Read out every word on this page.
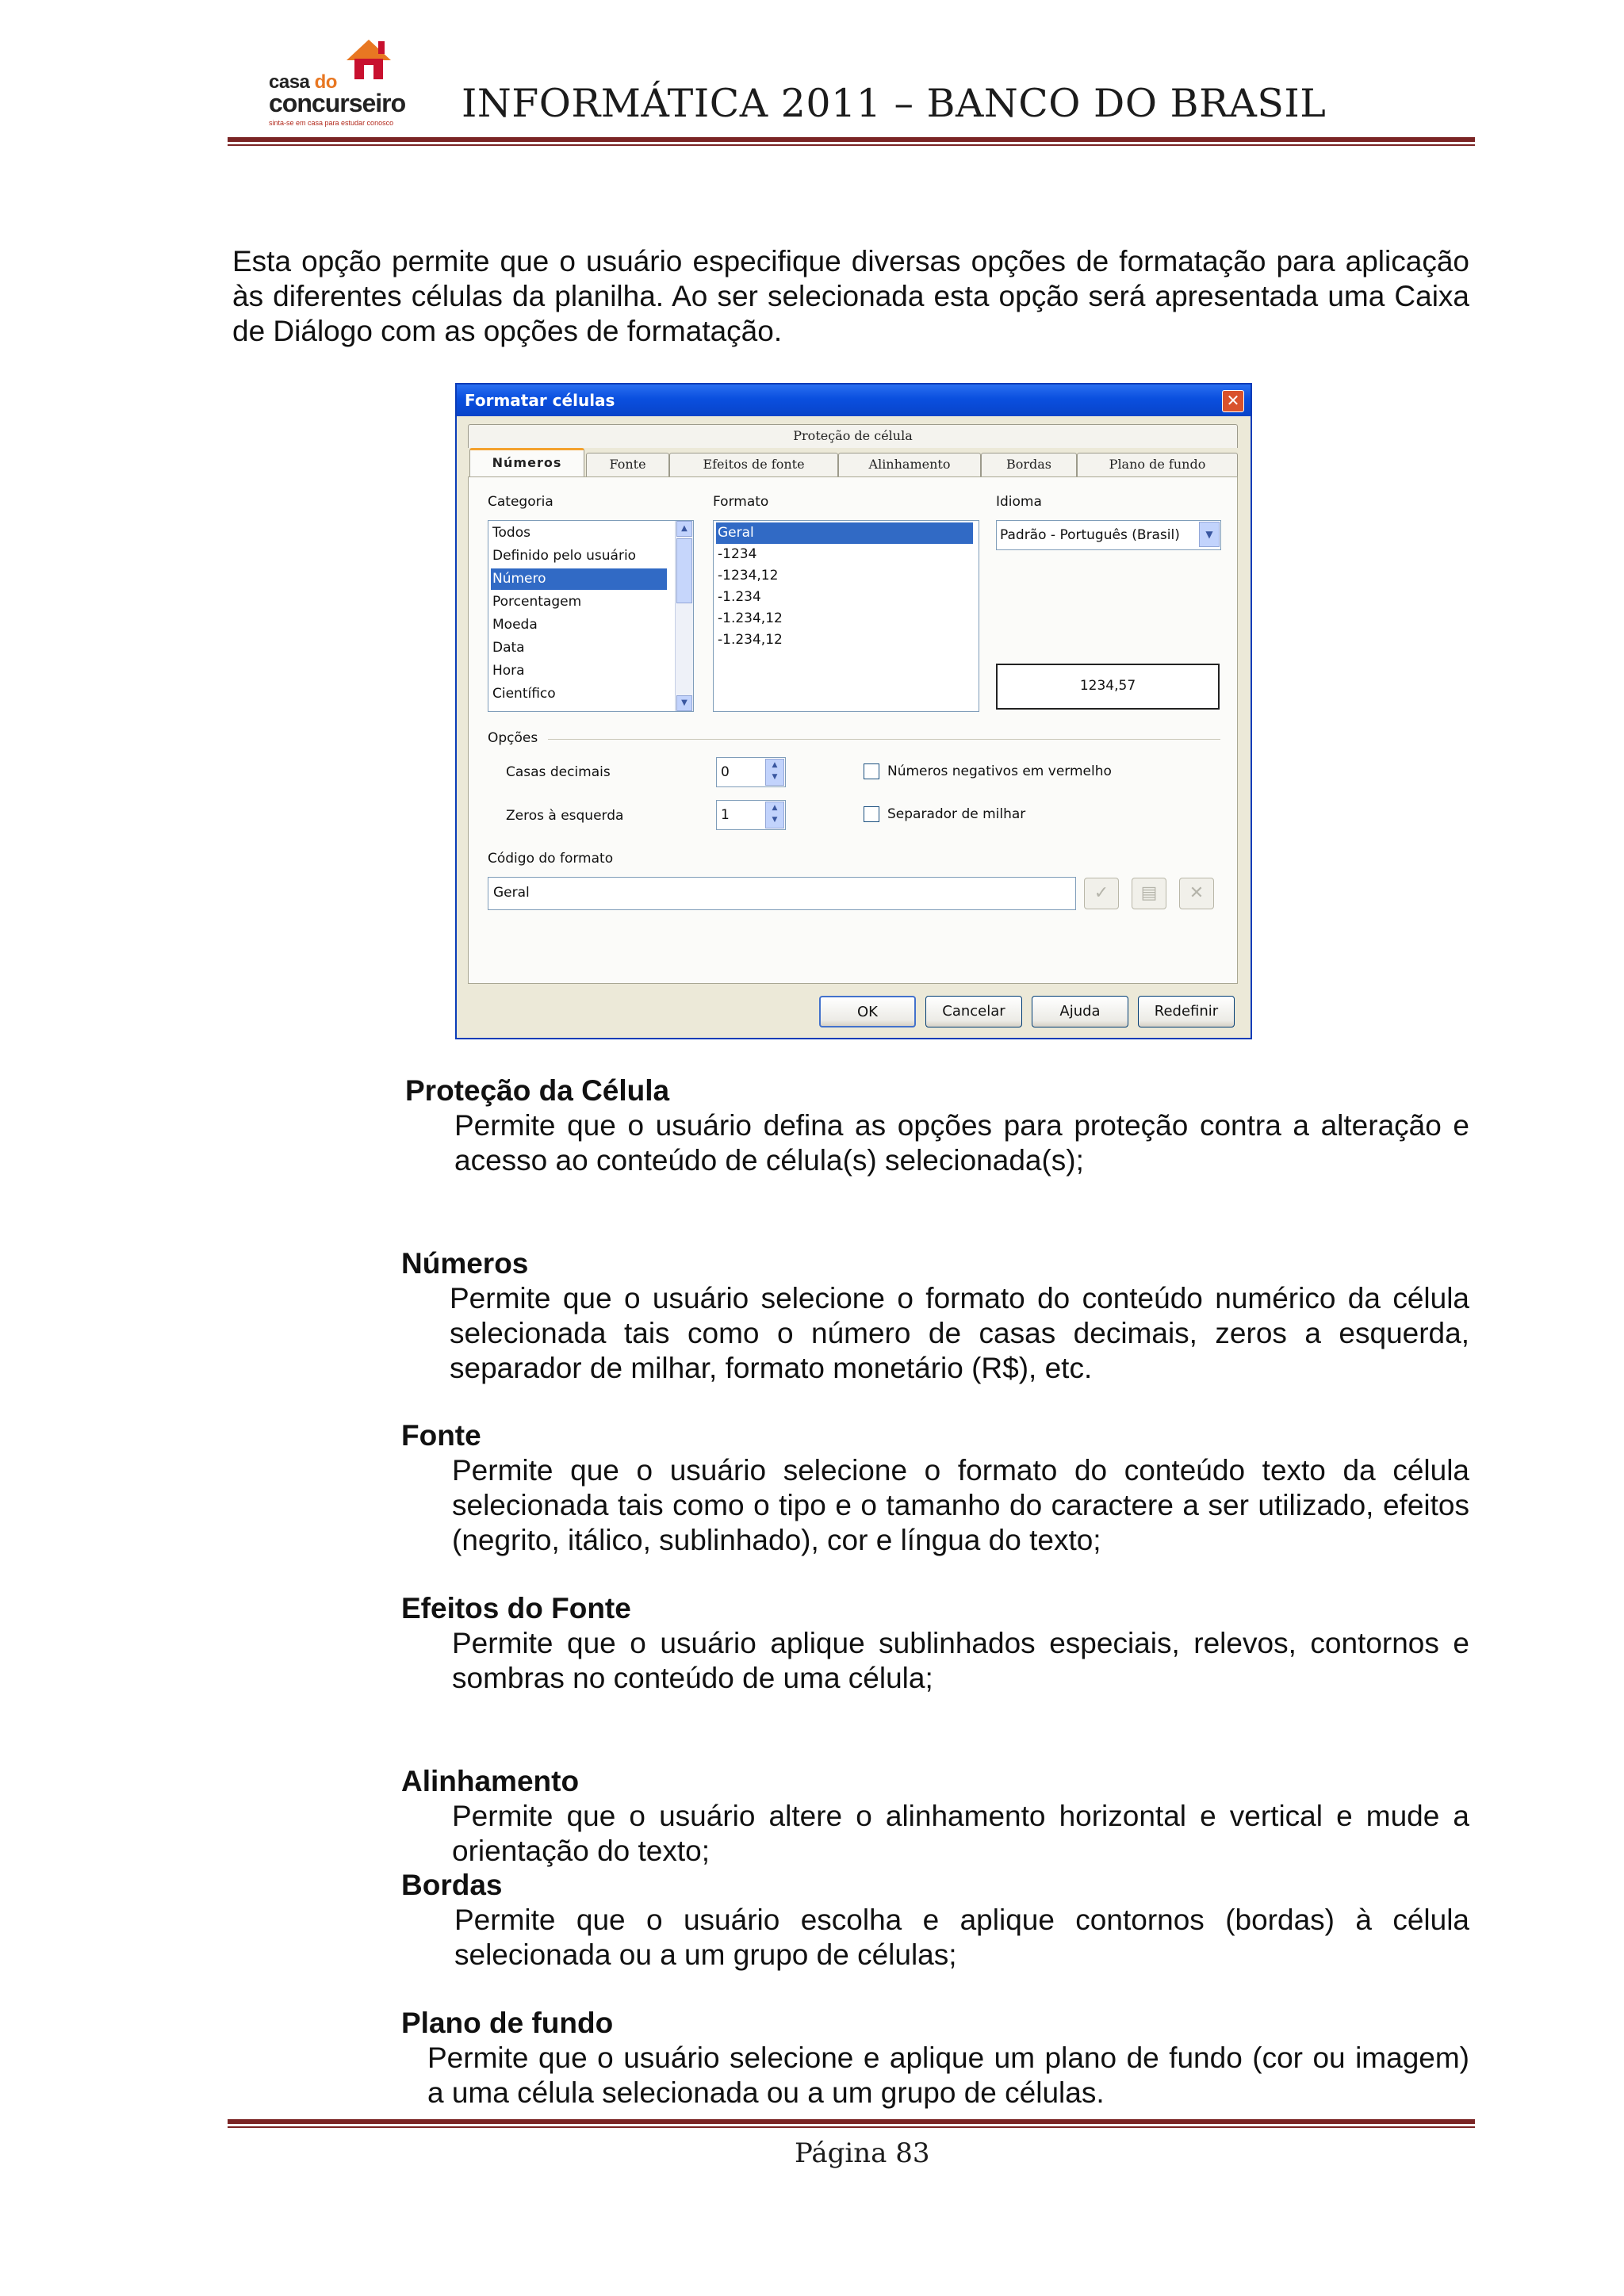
casa do
concurseiro
sinta-se em casa para estudar conosco INFORMÁTICA 2011 – BANCO DO BRASIL
Esta opção permite que o usuário especifique diversas opções de formatação para aplicação às diferentes células da planilha. Ao ser selecionada esta opção será apresentada uma Caixa de Diálogo com as opções de formatação.
Formatar células	✕
Proteção de célula
Números	Fonte	Efeitos de fonte	Alinhamento	Bordas	Plano de fundo
Categoria	Formato	Idioma
Todos
Definido pelo usuário
Número
Porcentagem
Moeda
Data
Hora
Científico
▲
▼
Geral
-1234
-1234,12
-1.234
-1.234,12
-1.234,12
Padrão - Português (Brasil)	▼
1234,57
Opções
Casas decimais	0	▲
▼
Zeros à esquerda	1	▲
▼
Números negativos em vermelho
Separador de milhar
Código do formato
Geral	✓	▤	✕
OK	Cancelar	Ajuda	Redefinir
Proteção da Célula
Permite que o usuário defina as opções para proteção contra a alteração e acesso ao conteúdo de célula(s) selecionada(s);
Números
Permite que o usuário selecione o formato do conteúdo numérico da célula selecionada tais como o número de casas decimais, zeros a esquerda, separador de milhar, formato monetário (R$), etc.
Fonte
Permite que o usuário selecione o formato do conteúdo texto da célula selecionada tais como o tipo e o tamanho do caractere a ser utilizado, efeitos (negrito, itálico, sublinhado), cor e língua do texto;
Efeitos do Fonte
Permite que o usuário aplique sublinhados especiais, relevos, contornos e sombras no conteúdo de uma célula;
Alinhamento
Permite que o usuário altere o alinhamento horizontal e vertical e mude a orientação do texto;
Bordas
Permite que o usuário escolha e aplique contornos (bordas) à célula selecionada ou a um grupo de células;
Plano de fundo
Permite que o usuário selecione e aplique um plano de fundo (cor ou imagem) a uma célula selecionada ou a um grupo de células.
Página 83
